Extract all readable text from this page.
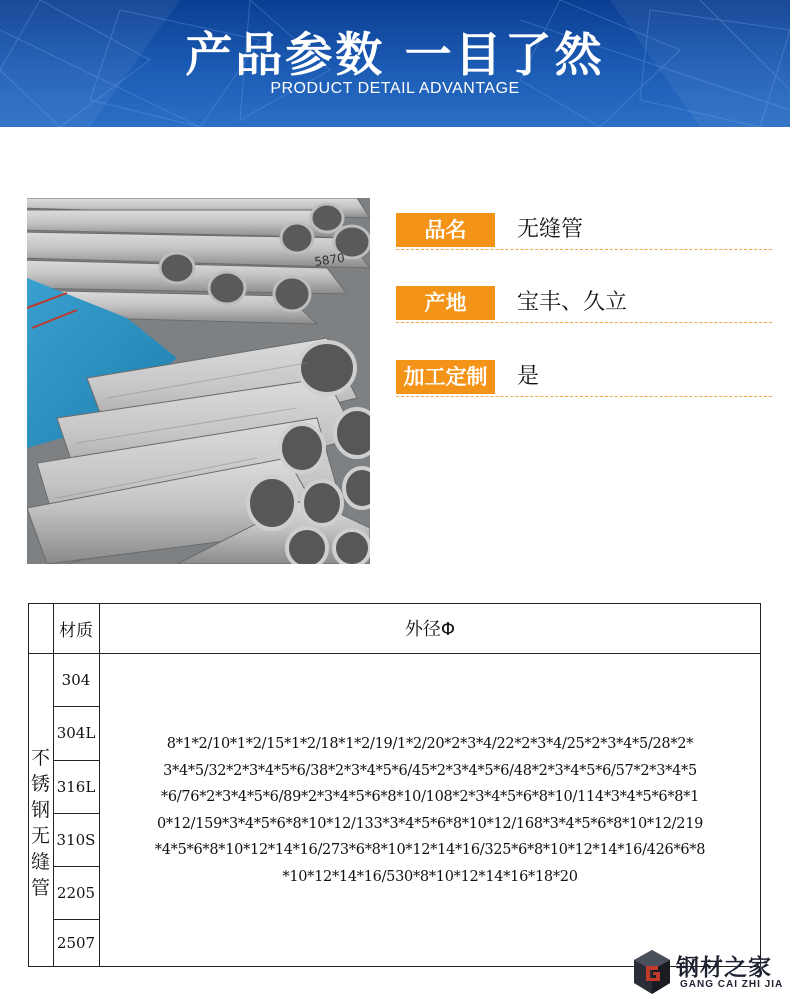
产品参数 一目了然
PRODUCT DETAIL ADVANTAGE
5870
品名	无缝管
产地	宝丰、久立
加工定制	是
材质	外径Φ
不
锈
钢
无
缝
管
304
304L
316L
310S
2205
2507
8*1*2/10*1*2/15*1*2/18*1*2/19/1*2/20*2*3*4/22*2*3*4/25*2*3*4*5/28*2*
3*4*5/32*2*3*4*5*6/38*2*3*4*5*6/45*2*3*4*5*6/48*2*3*4*5*6/57*2*3*4*5
*6/76*2*3*4*5*6/89*2*3*4*5*6*8*10/108*2*3*4*5*6*8*10/114*3*4*5*6*8*1
0*12/159*3*4*5*6*8*10*12/133*3*4*5*6*8*10*12/168*3*4*5*6*8*10*12/219
*4*5*6*8*10*12*14*16/273*6*8*10*12*14*16/325*6*8*10*12*14*16/426*6*8
*10*12*14*16/530*8*10*12*14*16*18*20
钢材之家
GANG CAI ZHI JIA
